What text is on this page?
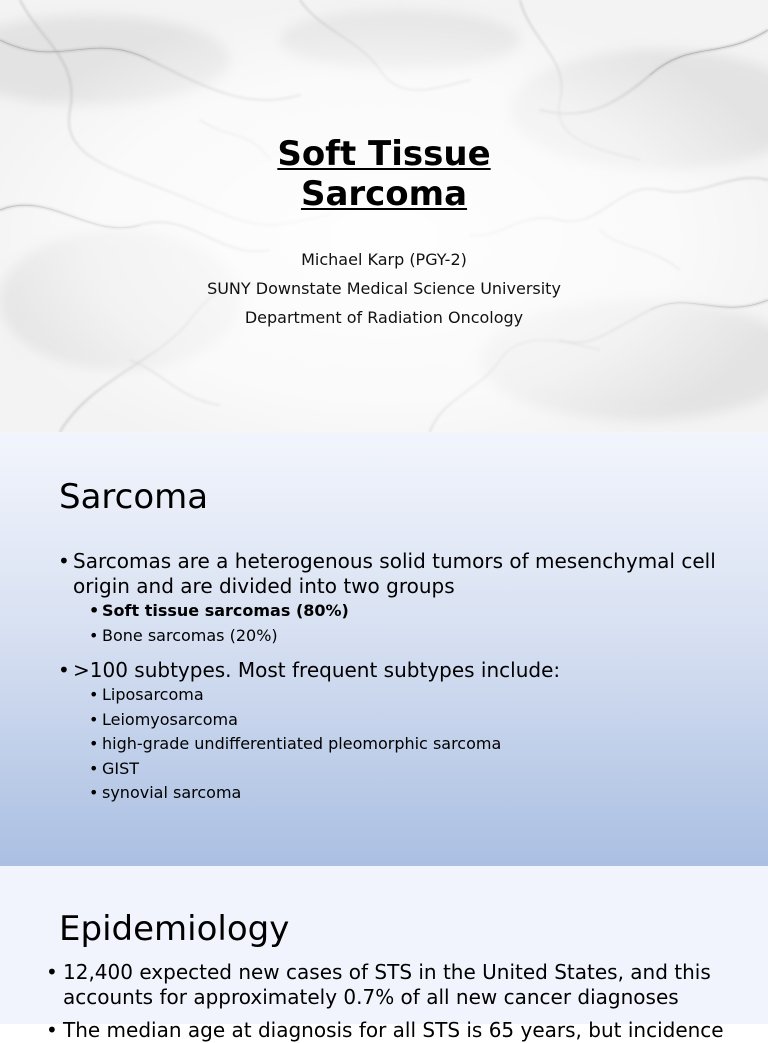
Soft Tissue
Sarcoma
Michael Karp (PGY-2)
SUNY Downstate Medical Science University
Department of Radiation Oncology
Sarcoma
• Sarcomas are a heterogenous solid tumors of mesenchymal cell origin and are divided into two groups
• Soft tissue sarcomas (80%)
• Bone sarcomas (20%)
• >100 subtypes. Most frequent subtypes include:
• Liposarcoma
• Leiomyosarcoma
• high-grade undifferentiated pleomorphic sarcoma
• GIST
• synovial sarcoma
Epidemiology
• 12,400 expected new cases of STS in the United States, and this accounts for approximately 0.7% of all new cancer diagnoses
• The median age at diagnosis for all STS is 65 years, but incidence
